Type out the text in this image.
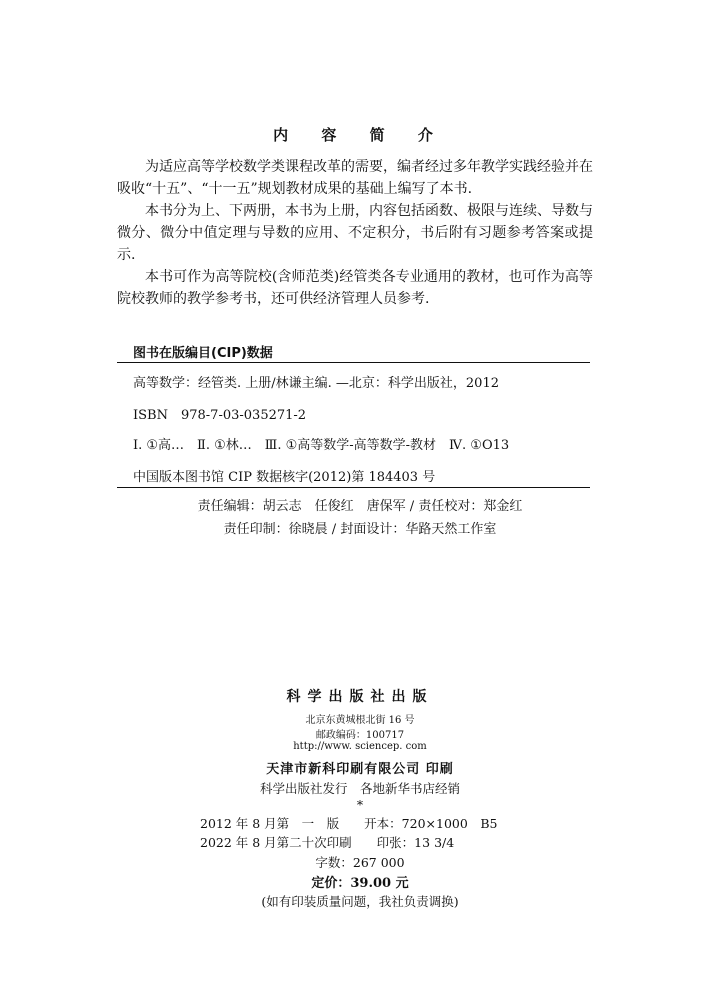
内 容 简 介

为适应高等学校数学类课程改革的需要，编者经过多年教学实践经验并在吸收“十五”、“十一五”规划教材成果的基础上编写了本书.

本书分为上、下两册，本书为上册，内容包括函数、极限与连续、导数与微分、微分中值定理与导数的应用、不定积分，书后附有习题参考答案或提示.

本书可作为高等院校(含师范类)经管类各专业通用的教材，也可作为高等院校教师的教学参考书，还可供经济管理人员参考.

图书在版编目(CIP)数据
高等数学：经管类. 上册/林谦主编. —北京：科学出版社，2012
ISBN　978-7-03-035271-2
Ⅰ. ①高…　Ⅱ. ①林…　Ⅲ. ①高等数学-高等数学-教材　Ⅳ. ①O13
中国版本图书馆 CIP 数据核字(2012)第 184403 号
责任编辑：胡云志　任俊红　唐保军 / 责任校对：郑金红
责任印制：徐晓晨 / 封面设计：华路天然工作室
科学出版社出版
北京东黄城根北街 16 号
邮政编码：100717
http://www. sciencep. com
天津市新科印刷有限公司 印刷
科学出版社发行　各地新华书店经销
*
2012 年 8 月第　一　版　　开本：720×1000　B5
2022 年 8 月第二十次印刷　　印张：13 3/4
字数：267 000
定价：39.00 元
(如有印装质量问题，我社负责调换)
